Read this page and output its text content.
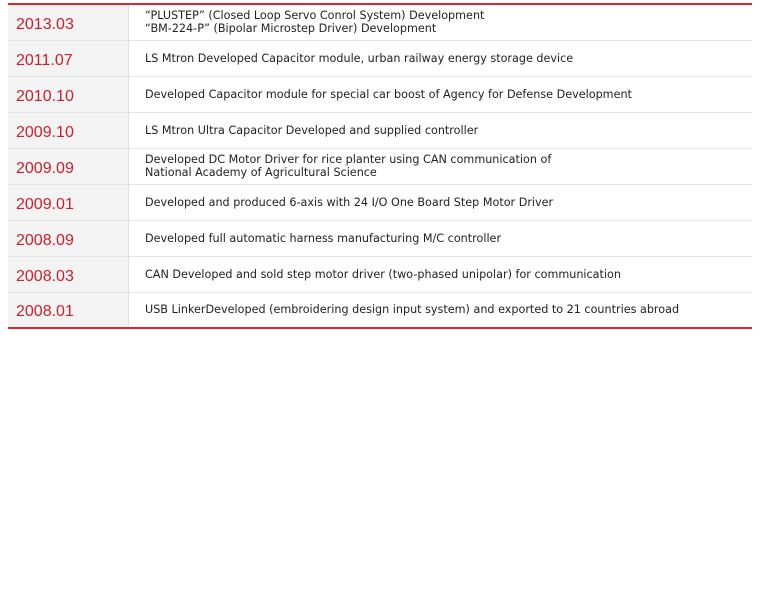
2013.03	“PLUSTEP” (Closed Loop Servo Conrol System) Development
“BM-224-P” (Bipolar Microstep Driver) Development

2011.07	LS Mtron Developed Capacitor module, urban railway energy storage device

2010.10	Developed Capacitor module for special car boost of Agency for Defense Development

2009.10	LS Mtron Ultra Capacitor Developed and supplied controller

2009.09	Developed DC Motor Driver for rice planter using CAN communication of
National Academy of Agricultural Science

2009.01	Developed and produced 6-axis with 24 I/O One Board Step Motor Driver

2008.09	Developed full automatic harness manufacturing M/C controller

2008.03	CAN Developed and sold step motor driver (two-phased unipolar) for communication

2008.01	USB LinkerDeveloped (embroidering design input system) and exported to 21 countries abroad
